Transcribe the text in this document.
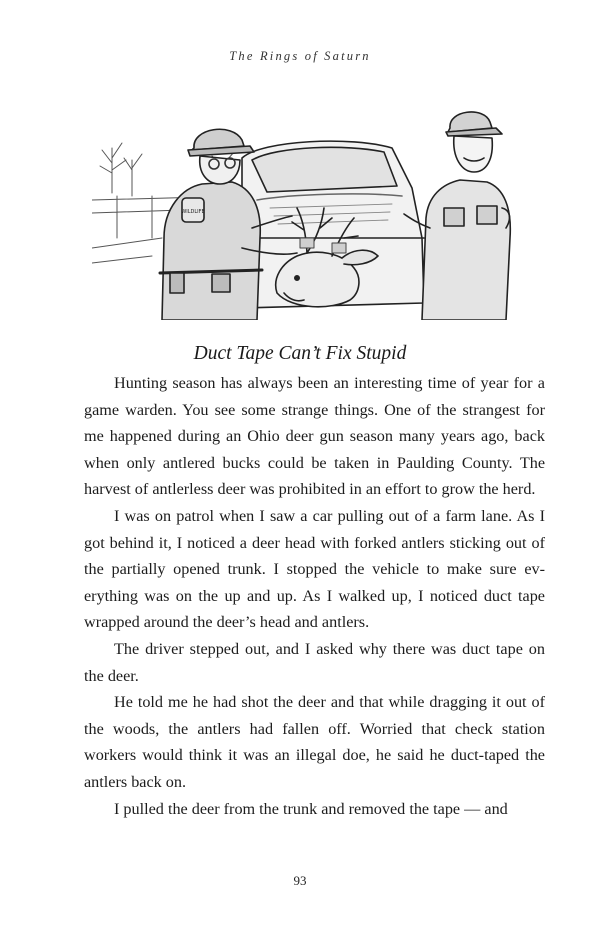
The Rings of Saturn
WILDLIFE
Duct Tape Can’t Fix Stupid

Hunting season has always been an interesting time of year for a game warden. You see some strange things. One of the strangest for me happened during an Ohio deer gun season many years ago, back when only antlered bucks could be taken in Paulding County. The harvest of antlerless deer was prohibited in an effort to grow the herd.

I was on patrol when I saw a car pulling out of a farm lane. As I got behind it, I noticed a deer head with forked antlers sticking out of the partially opened trunk. I stopped the vehicle to make sure everything was on the up and up. As I walked up, I noticed duct tape wrapped around the deer’s head and antlers.

The driver stepped out, and I asked why there was duct tape on the deer.

He told me he had shot the deer and that while dragging it out of the woods, the antlers had fallen off. Worried that check station workers would think it was an illegal doe, he said he duct-taped the antlers back on.

I pulled the deer from the trunk and removed the tape — and

93
